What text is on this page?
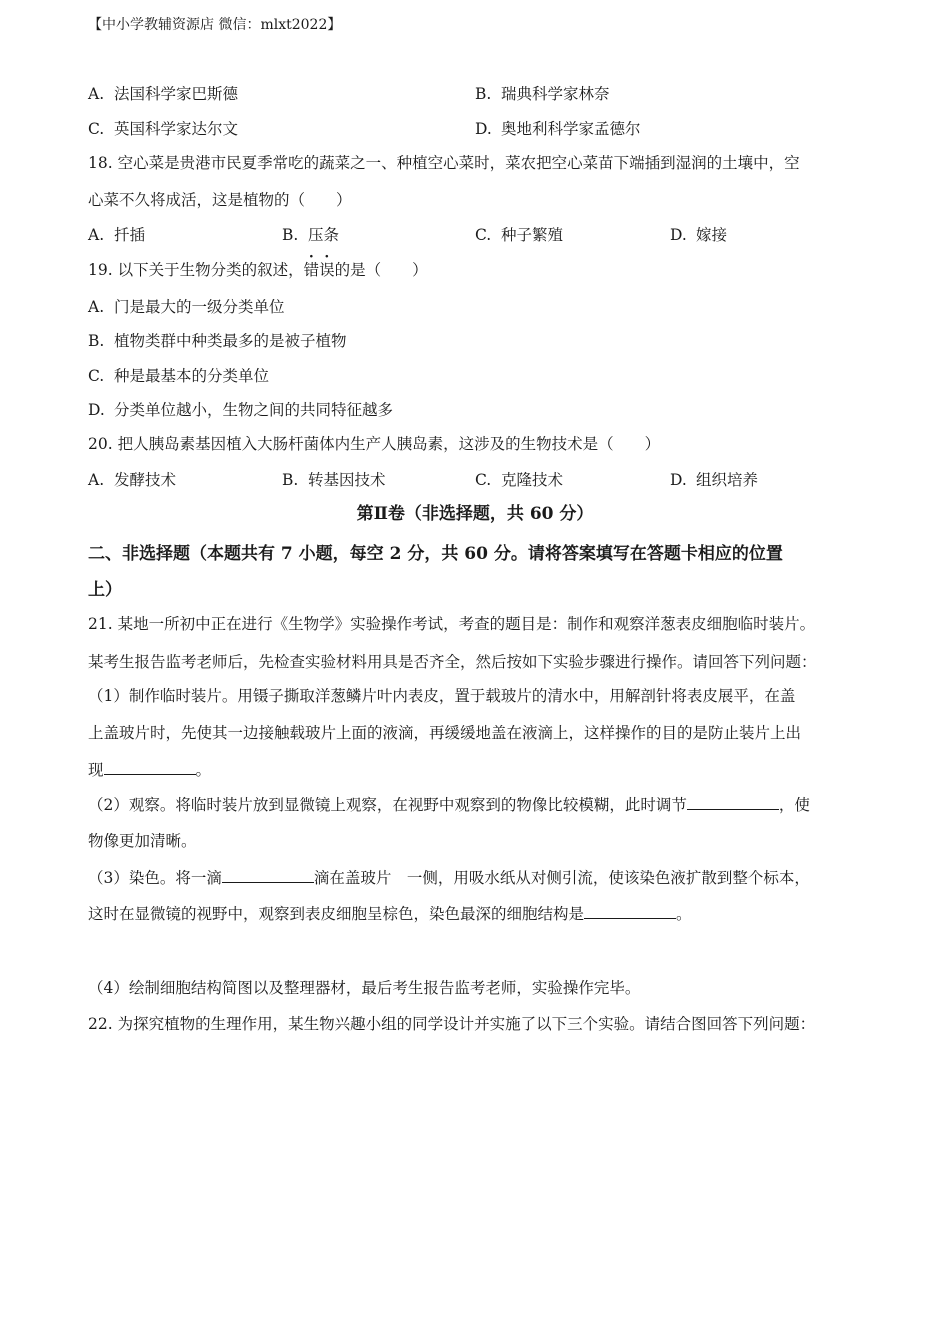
【中小学教辅资源店 微信：mlxt2022】
A. 法国科学家巴斯德	B. 瑞典科学家林奈
C. 英国科学家达尔文	D. 奥地利科学家孟德尔
18. 空心菜是贵港市民夏季常吃的蔬菜之一、种植空心菜时，菜农把空心菜苗下端插到湿润的土壤中，空
心菜不久将成活，这是植物的（　　）
A. 扦插	B. 压条	C. 种子繁殖	D. 嫁接
19. 以下关于生物分类的叙述，错误的是（　　）
A. 门是最大的一级分类单位
B. 植物类群中种类最多的是被子植物
C. 种是最基本的分类单位
D. 分类单位越小，生物之间的共同特征越多
20. 把人胰岛素基因植入大肠杆菌体内生产人胰岛素，这涉及的生物技术是（　　）
A. 发酵技术	B. 转基因技术	C. 克隆技术	D. 组织培养
第Ⅱ卷（非选择题，共 60 分）
二、非选择题（本题共有 7 小题，每空 2 分，共 60 分。请将答案填写在答题卡相应的位置
上）
21. 某地一所初中正在进行《生物学》实验操作考试，考查的题目是：制作和观察洋葱表皮细胞临时装片。
某考生报告监考老师后，先检查实验材料用具是否齐全，然后按如下实验步骤进行操作。请回答下列问题：
（1）制作临时装片。用镊子撕取洋葱鳞片叶内表皮，置于载玻片的清水中，用解剖针将表皮展平，在盖
上盖玻片时，先使其一边接触载玻片上面的液滴，再缓缓地盖在液滴上，这样操作的目的是防止装片上出
现	。
（2）观察。将临时装片放到显微镜上观察，在视野中观察到的物像比较模糊，此时调节	，使
物像更加清晰。
（3）染色。将一滴	滴在盖玻片　一侧，用吸水纸从对侧引流，使该染色液扩散到整个标本，
这时在显微镜的视野中，观察到表皮细胞呈棕色，染色最深的细胞结构是	。
（4）绘制细胞结构简图以及整理器材，最后考生报告监考老师，实验操作完毕。
22. 为探究植物的生理作用，某生物兴趣小组的同学设计并实施了以下三个实验。请结合图回答下列问题：
